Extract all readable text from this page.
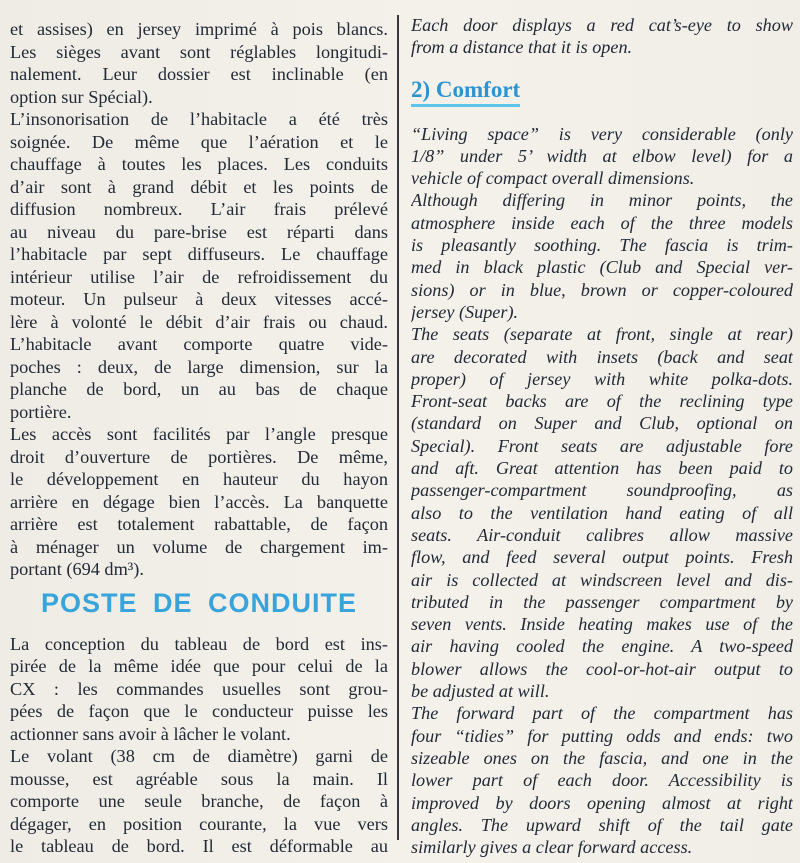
et assises) en jersey imprimé à pois blancs.
Les sièges avant sont réglables longitudi-
nalement. Leur dossier est inclinable (en
option sur Spécial).
L’insonorisation de l’habitacle a été très
soignée. De même que l’aération et le
chauffage à toutes les places. Les conduits
d’air sont à grand débit et les points de
diffusion nombreux. L’air frais prélevé
au niveau du pare-brise est réparti dans
l’habitacle par sept diffuseurs. Le chauffage
intérieur utilise l’air de refroidissement du
moteur. Un pulseur à deux vitesses accé-
lère à volonté le débit d’air frais ou chaud.
L’habitacle avant comporte quatre vide-
poches : deux, de large dimension, sur la
planche de bord, un au bas de chaque
portière.
Les accès sont facilités par l’angle presque
droit d’ouverture de portières. De même,
le développement en hauteur du hayon
arrière en dégage bien l’accès. La banquette
arrière est totalement rabattable, de façon
à ménager un volume de chargement im-
portant (694 dm³).
POSTE DE CONDUITE
La conception du tableau de bord est ins-
pirée de la même idée que pour celui de la
CX : les commandes usuelles sont grou-
pées de façon que le conducteur puisse les
actionner sans avoir à lâcher le volant.
Le volant (38 cm de diamètre) garni de
mousse, est agréable sous la main. Il
comporte une seule branche, de façon à
dégager, en position courante, la vue vers
le tableau de bord. Il est déformable au
Each door displays a red cat’s-eye to show
from a distance that it is open.
2) Comfort
“Living space” is very considerable (only
1/8” under 5’ width at elbow level) for a
vehicle of compact overall dimensions.
Although differing in minor points, the
atmosphere inside each of the three models
is pleasantly soothing. The fascia is trim-
med in black plastic (Club and Special ver-
sions) or in blue, brown or copper-coloured
jersey (Super).
The seats (separate at front, single at rear)
are decorated with insets (back and seat
proper) of jersey with white polka-dots.
Front-seat backs are of the reclining type
(standard on Super and Club, optional on
Special). Front seats are adjustable fore
and aft. Great attention has been paid to
passenger-compartment soundproofing, as
also to the ventilation hand eating of all
seats. Air-conduit calibres allow massive
flow, and feed several output points. Fresh
air is collected at windscreen level and dis-
tributed in the passenger compartment by
seven vents. Inside heating makes use of the
air having cooled the engine. A two-speed
blower allows the cool-or-hot-air output to
be adjusted at will.
The forward part of the compartment has
four “tidies” for putting odds and ends: two
sizeable ones on the fascia, and one in the
lower part of each door. Accessibility is
improved by doors opening almost at right
angles. The upward shift of the tail gate
similarly gives a clear forward access.
